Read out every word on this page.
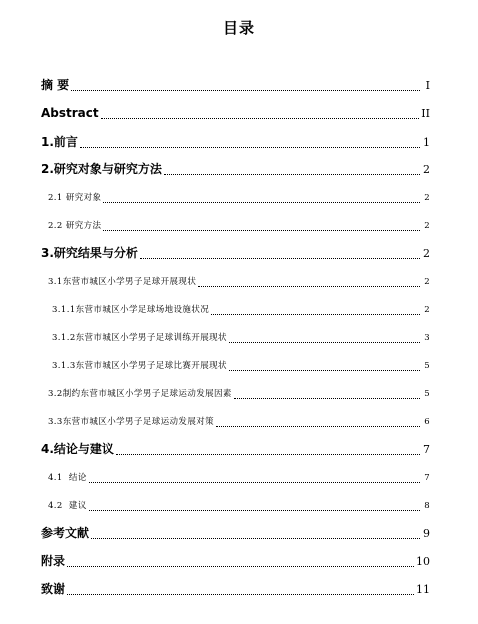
目录
摘 要	I
Abstract	II
1.前言	1
2.研究对象与研究方法	2
2.1 研究对象	2
2.2 研究方法	2
3.研究结果与分析	2
3.1东营市城区小学男子足球开展现状	2
3.1.1东营市城区小学足球场地设施状况	2
3.1.2东营市城区小学男子足球训练开展现状	3
3.1.3东营市城区小学男子足球比赛开展现状	5
3.2制约东营市城区小学男子足球运动发展因素	5
3.3东营市城区小学男子足球运动发展对策	6
4.结论与建议	7
4.1  结论	7
4.2  建议	8
参考文献	9
附录	10
致谢	11
